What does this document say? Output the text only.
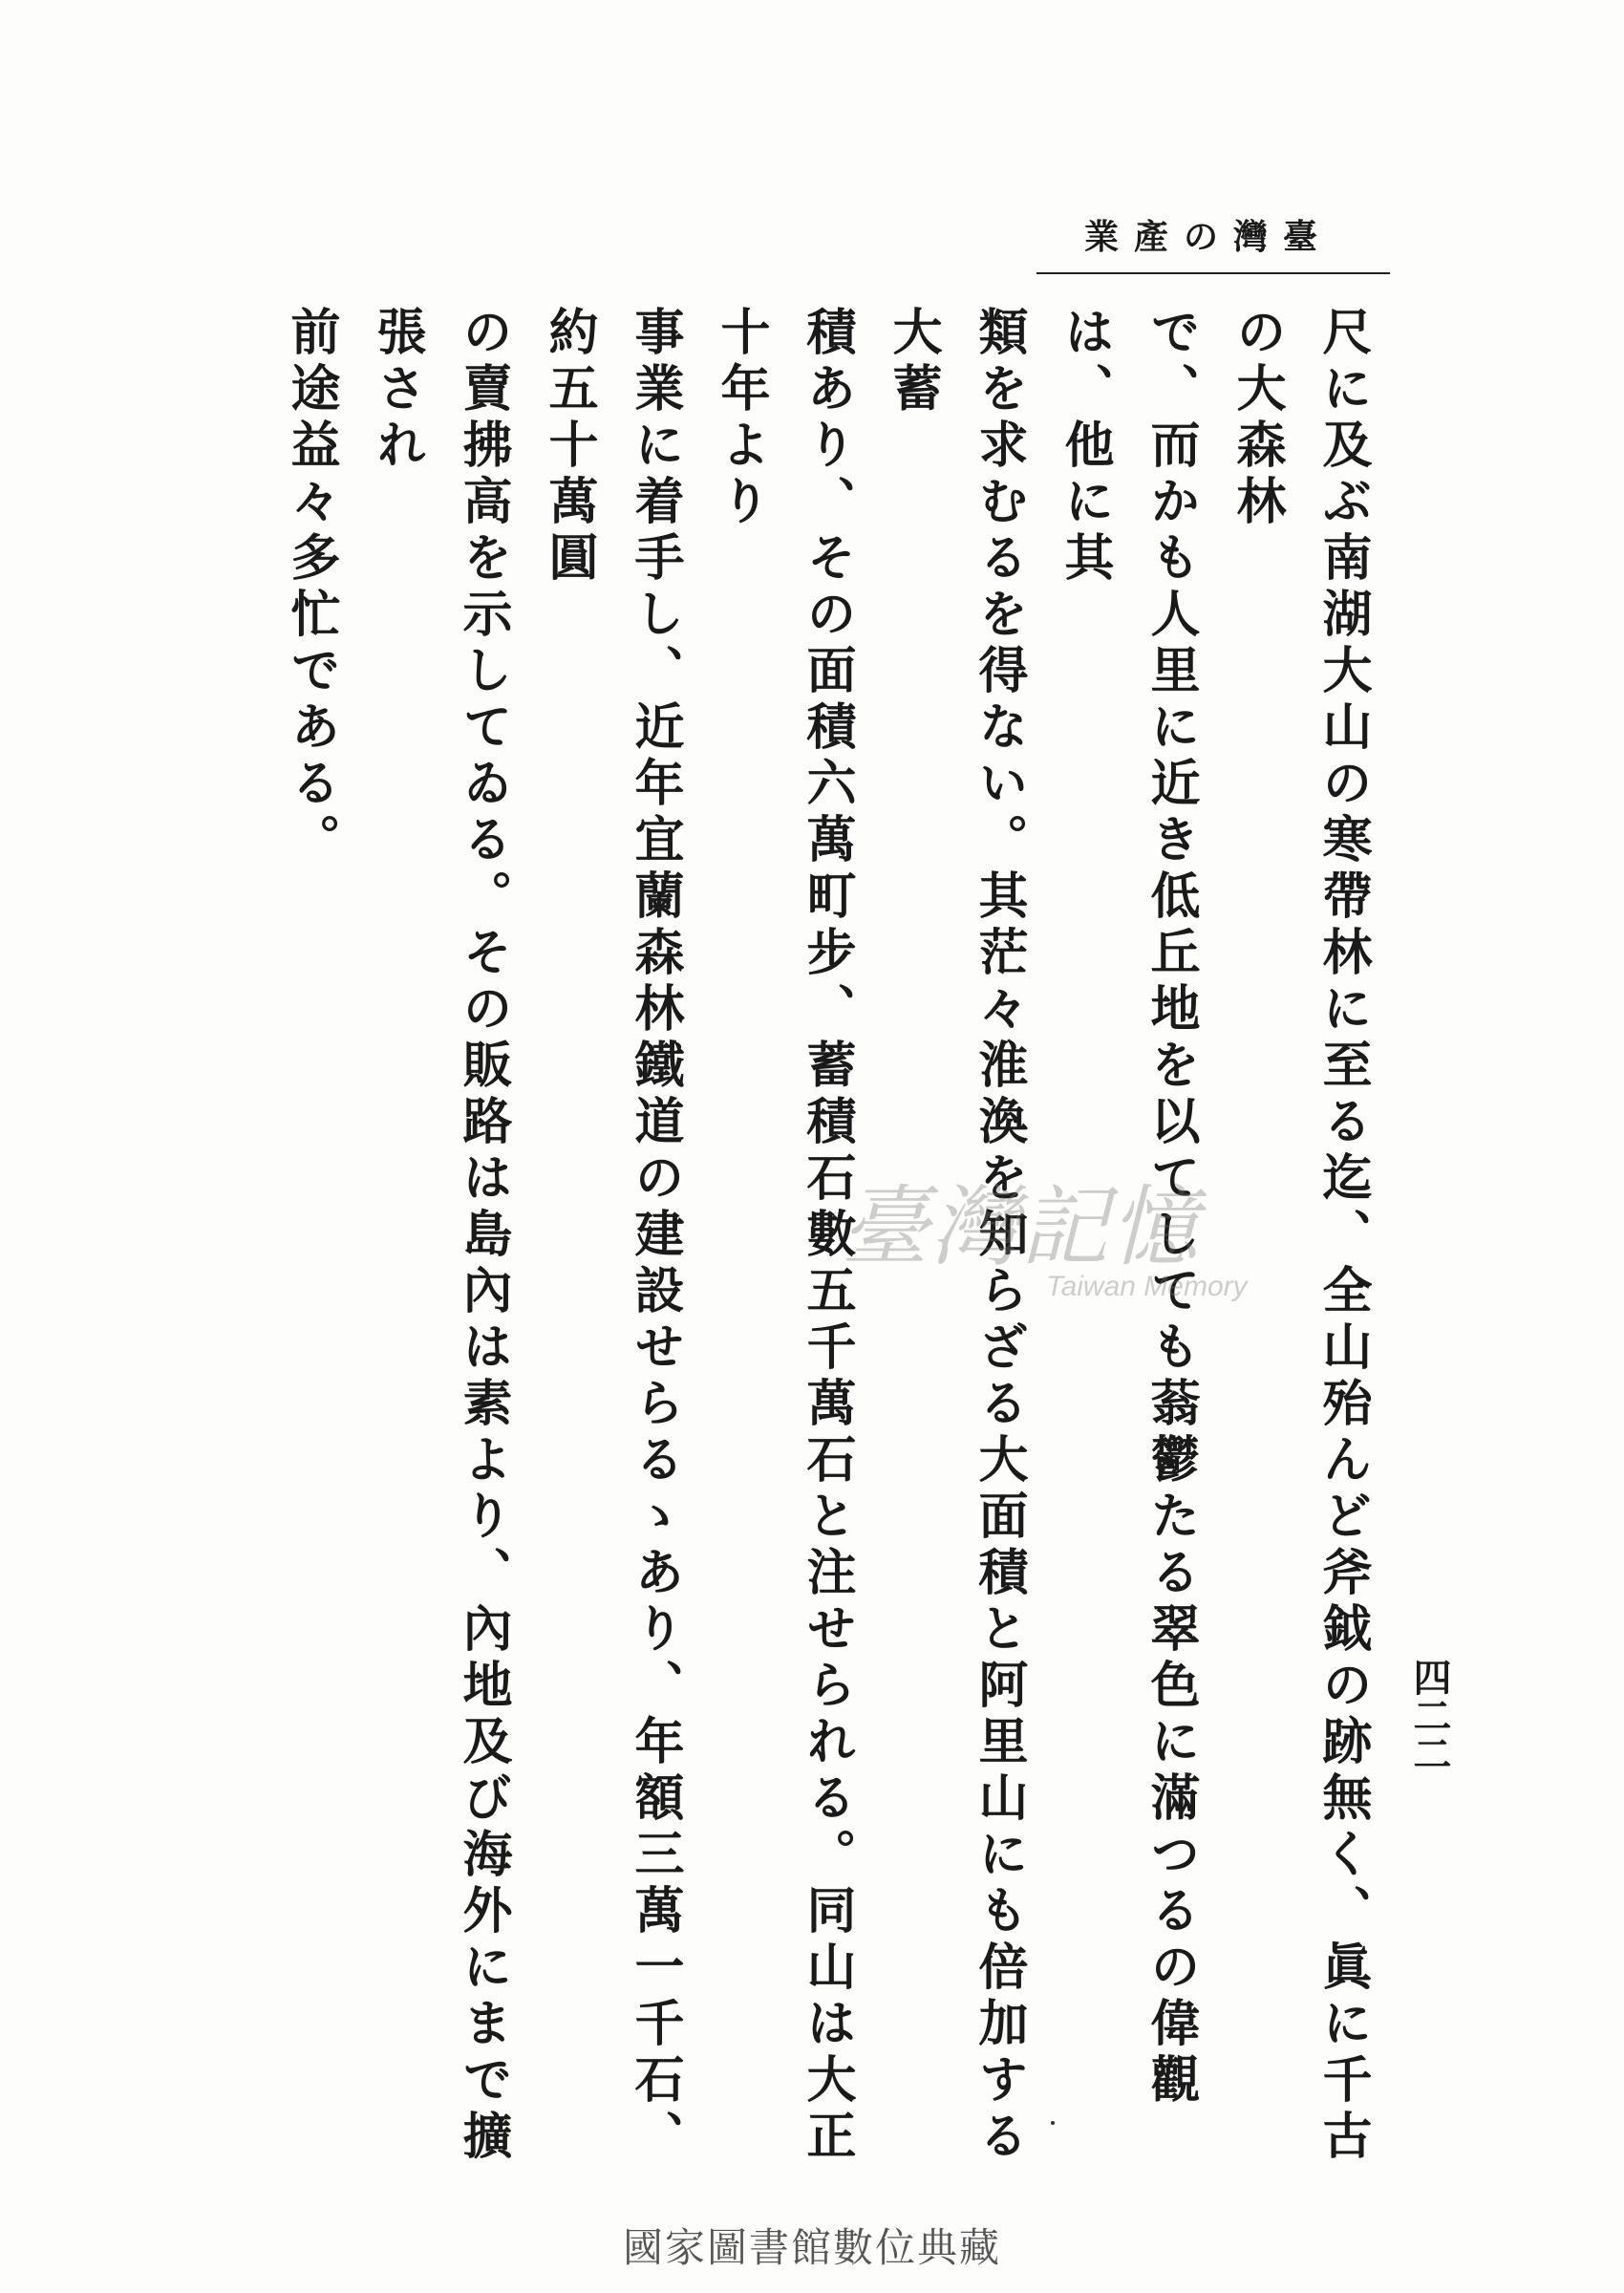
臺灣の產業
四二二

尺に及ぶ南湖大山の寒帶林に至る迄、全山殆んど斧鉞の跡無く、眞に千古の大森林

で、而かも人里に近き低丘地を以てしても蓊鬱たる翠色に滿つるの偉觀は、他に其

類を求むるを得ない。其茫々淮渙を知らざる大面積と阿里山にも倍加する大蓄

積あり、その面積六萬町步、蓄積石數五千萬石と注せられる。同山は大正十年より

事業に着手し、近年宜蘭森林鐵道の建設せらるゝあり、年額三萬一千石、約五十萬圓

の賣拂高を示してゐる。その販路は島內は素より、內地及び海外にまで擴張され

前途益々多忙である。

臺灣記憶
Taiwan Memory
國家圖書館數位典藏
